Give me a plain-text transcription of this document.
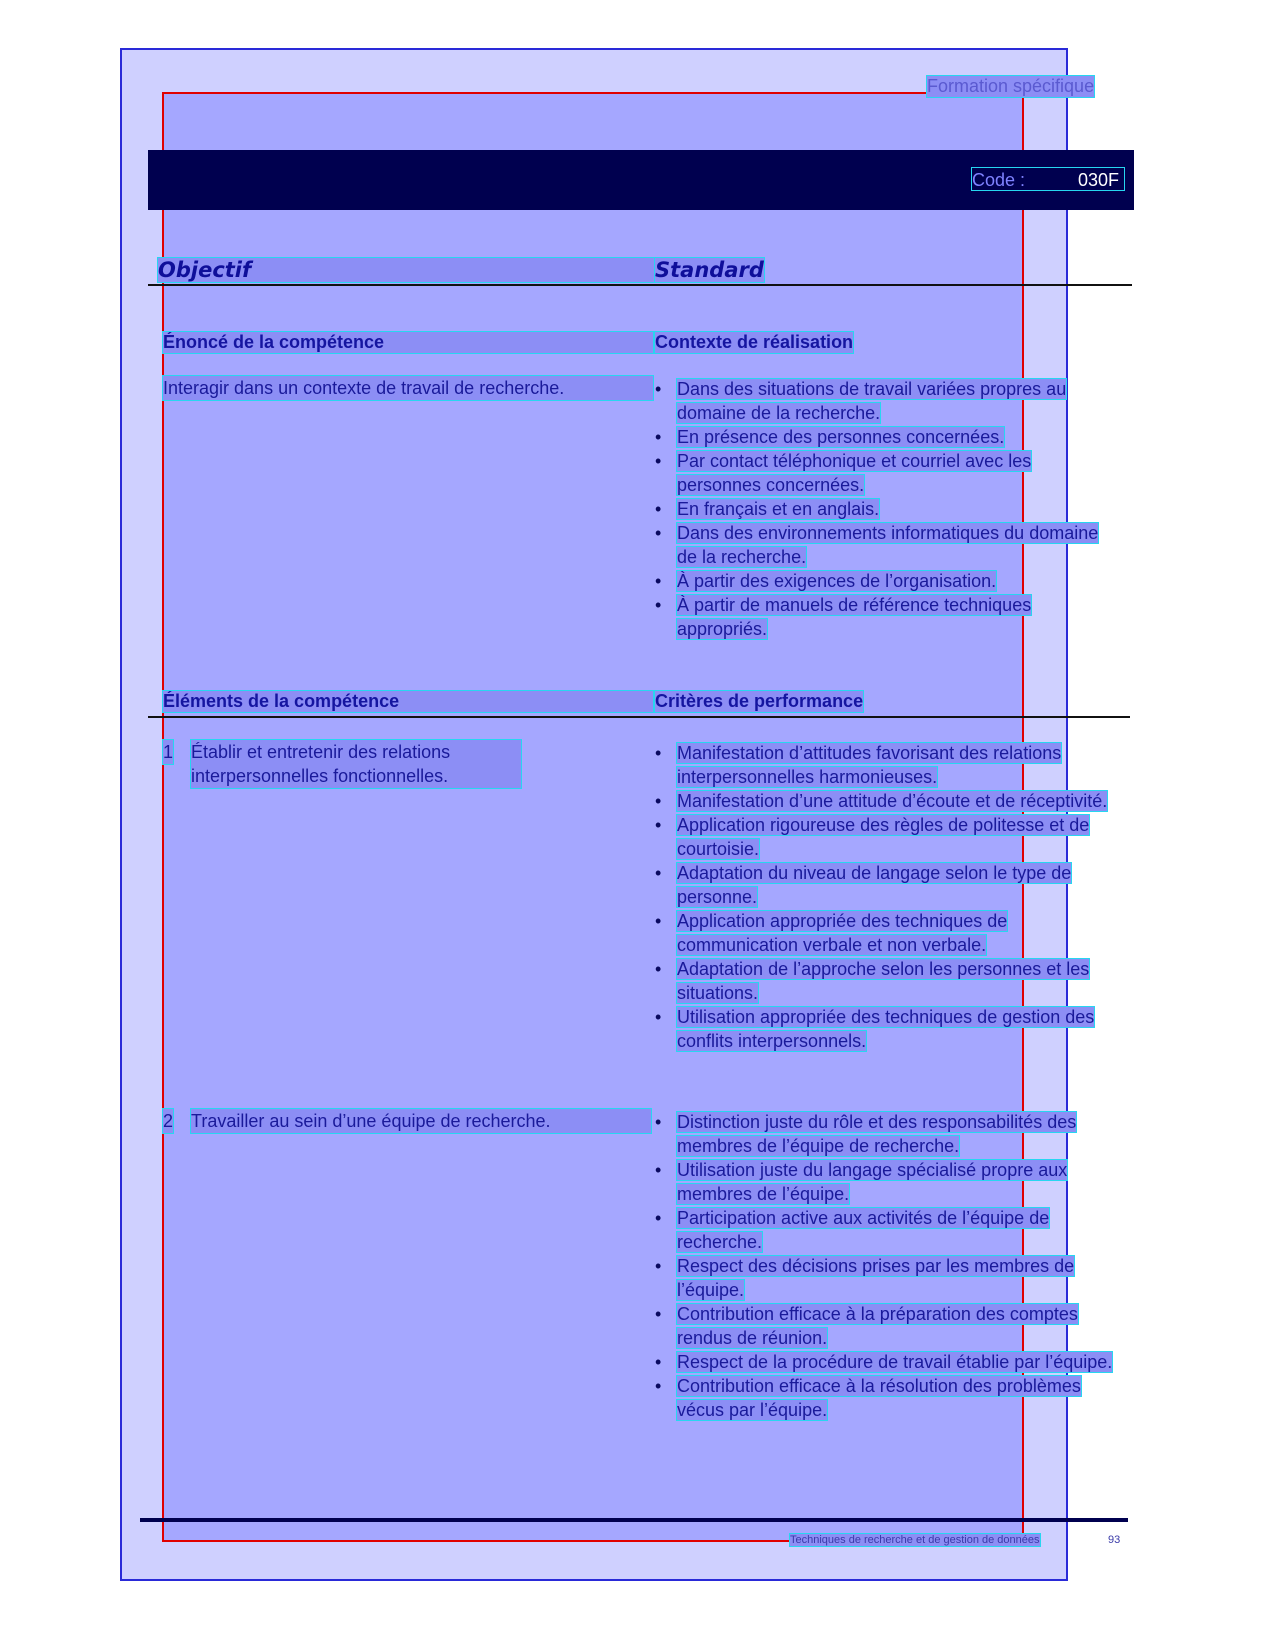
Formation spécifique
Code :	030F
Objectif	Standard
Énoncé de la compétence	Contexte de réalisation
Interagir dans un contexte de travail de recherche.	• Dans des situations de travail variées propres au domaine de la recherche.
• En présence des personnes concernées.
• Par contact téléphonique et courriel avec les personnes concernées.
• En français et en anglais.
• Dans des environnements informatiques du domaine de la recherche.
• À partir des exigences de l’organisation.
• À partir de manuels de référence techniques appropriés.
Éléments de la compétence	Critères de performance
1 Établir et entretenir des relations interpersonnelles fonctionnelles.
• Manifestation d’attitudes favorisant des relations interpersonnelles harmonieuses.
• Manifestation d’une attitude d’écoute et de réceptivité.
• Application rigoureuse des règles de politesse et de courtoisie.
• Adaptation du niveau de langage selon le type de personne.
• Application appropriée des techniques de communication verbale et non verbale.
• Adaptation de l’approche selon les personnes et les situations.
• Utilisation appropriée des techniques de gestion des conflits interpersonnels.
2 Travailler au sein d’une équipe de recherche.	• Distinction juste du rôle et des responsabilités des membres de l’équipe de recherche.
• Utilisation juste du langage spécialisé propre aux membres de l’équipe.
• Participation active aux activités de l’équipe de recherche.
• Respect des décisions prises par les membres de l’équipe.
• Contribution efficace à la préparation des comptes rendus de réunion.
• Respect de la procédure de travail établie par l’équipe.
• Contribution efficace à la résolution des problèmes vécus par l’équipe.
Techniques de recherche et de gestion de données	93
